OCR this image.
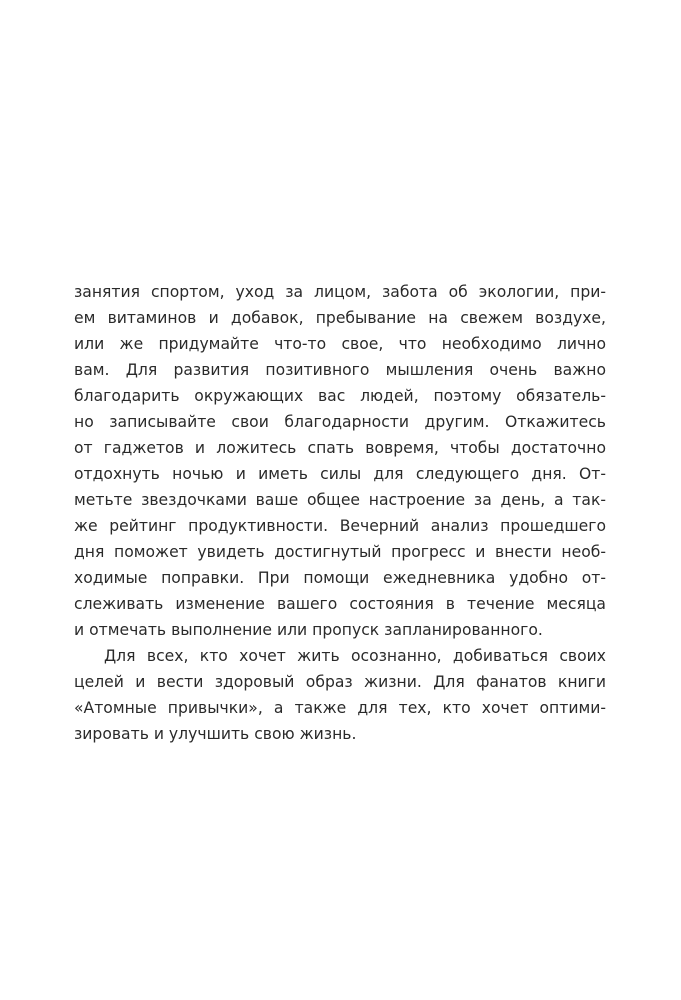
занятия спортом, уход за лицом, забота об экологии, при-
ем витаминов и добавок, пребывание на свежем воздухе,
или же придумайте что-то свое, что необходимо лично
вам. Для развития позитивного мышления очень важно
благодарить окружающих вас людей, поэтому обязатель-
но записывайте свои благодарности другим. Откажитесь
от гаджетов и ложитесь спать вовремя, чтобы достаточно
отдохнуть ночью и иметь силы для следующего дня. От-
метьте звездочками ваше общее настроение за день, а так-
же рейтинг продуктивности. Вечерний анализ прошедшего
дня поможет увидеть достигнутый прогресс и внести необ-
ходимые поправки. При помощи ежедневника удобно от-
слеживать изменение вашего состояния в течение месяца
и отмечать выполнение или пропуск запланированного.
Для всех, кто хочет жить осознанно, добиваться своих
целей и вести здоровый образ жизни. Для фанатов книги
«Атомные привычки», а также для тех, кто хочет оптими-
зировать и улучшить свою жизнь.
